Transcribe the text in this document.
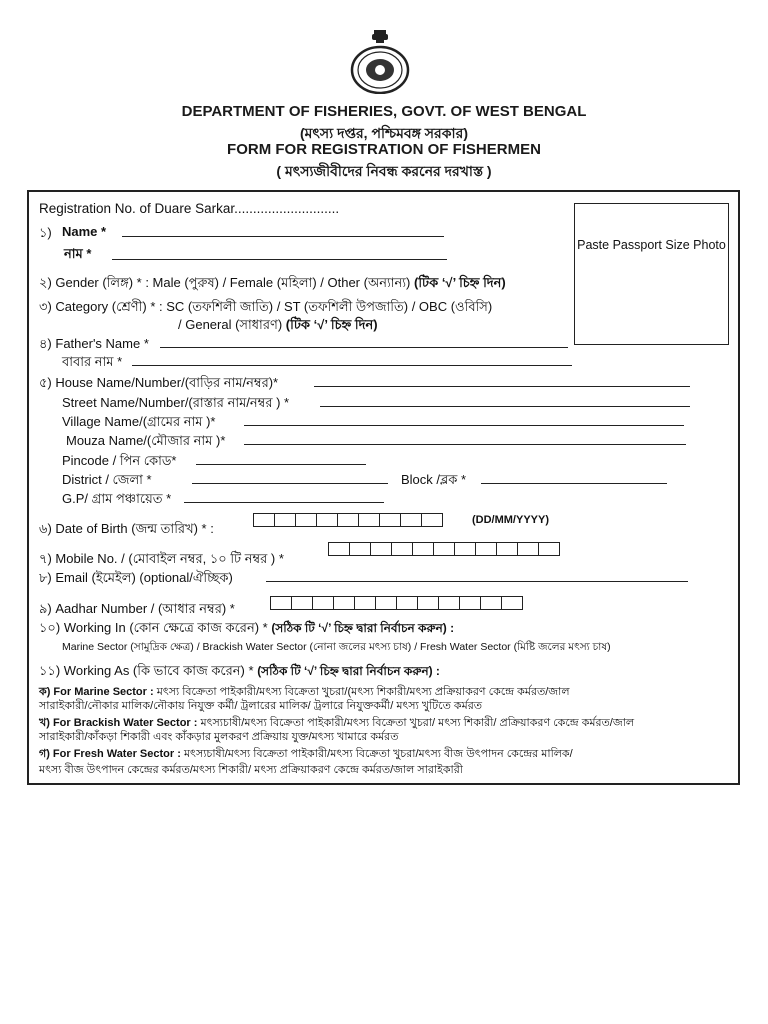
DEPARTMENT OF FISHERIES, GOVT. OF WEST BENGAL
(মৎস্য দপ্তর, পশ্চিমবঙ্গ সরকার)
FORM FOR REGISTRATION OF FISHERMEN
( মৎস্যজীবীদের নিবন্ধ করনের দরখাস্ত )
Paste Passport Size Photo
Registration No. of Duare Sarkar............................
১) Name *
নাম *
২) Gender (লিঙ্গ) * : Male (পুরুষ) / Female (মহিলা) / Other (অন্যান্য) (টিক ‘√’ চিহ্ন দিন)
৩) Category (শ্রেণী) * : SC (তফশিলী জাতি) / ST (তফশিলী উপজাতি) / OBC (ওবিসি)
/ General (সাধারণ) (টিক ‘√’ চিহ্ন দিন)
৪) Father's Name *
বাবার নাম *
৫) House Name/Number/(বাড়ির নাম/নম্বর)*
Street Name/Number/(রাস্তার নাম/নম্বর ) *
Village Name/(গ্রামের নাম )*
Mouza Name/(মৌজার নাম )*
Pincode / পিন কোড*
District / জেলা *	Block /ব্লক *
G.P/ গ্রাম পঞ্চায়েত *
৬) Date of Birth (জন্ম তারিখ) * :
(DD/MM/YYYY)
৭) Mobile No. / (মোবাইল নম্বর, ১০ টি নম্বর ) *
৮) Email (ইমেইল) (optional/ঐচ্ছিক)
৯) Aadhar Number / (আধার নম্বর) *
১০) Working In (কোন ক্ষেত্রে কাজ করেন) * (সঠিক টি ‘√’ চিহ্ন দ্বারা নির্বাচন করুন) :
Marine Sector (সামুদ্রিক ক্ষেত্র) / Brackish Water Sector (নোনা জলের মৎস্য চাষ) / Fresh Water Sector (মিষ্টি জলের মৎস্য চাষ)
১১) Working As (কি ভাবে কাজ করেন) * (সঠিক টি ‘√’ চিহ্ন দ্বারা নির্বাচন করুন) :
ক) For Marine Sector : মৎস্য বিক্রেতা পাইকারী/মৎস্য বিক্রেতা খুচরা/(মৎস্য শিকারী/মৎস্য প্রক্রিয়াকরণ কেন্দ্রে কর্মরত/জাল
সারাইকারী/নৌকার মালিক/নৌকায় নিযুক্ত কর্মী/ ট্রলারের মালিক/ ট্রলারে নিযুক্তকর্মী/ মৎস্য খুটিতে কর্মরত
খ) For Brackish Water Sector : মৎস্যচাষী/মৎস্য বিক্রেতা পাইকারী/মৎস্য বিক্রেতা খুচরা/ মৎস্য শিকারী/ প্রক্রিয়াকরণ কেন্দ্রে কর্মরত/জাল
সারাইকারী/কাঁকড়া শিকারী এবং কাঁকড়ার মুলকরণ প্রক্রিয়ায় যুক্ত/মৎস্য খামারে কর্মরত
গ) For Fresh Water Sector : মৎস্যচাষী/মৎস্য বিক্রেতা পাইকারী/মৎস্য বিক্রেতা খুচরা/মৎস্য বীজ উৎপাদন কেন্দ্রের মালিক/
মৎস্য বীজ উৎপাদন কেন্দ্রের কর্মরত/মৎস্য শিকারী/ মৎস্য প্রক্রিয়াকরণ কেন্দ্রে কর্মরত/জাল সারাইকারী
